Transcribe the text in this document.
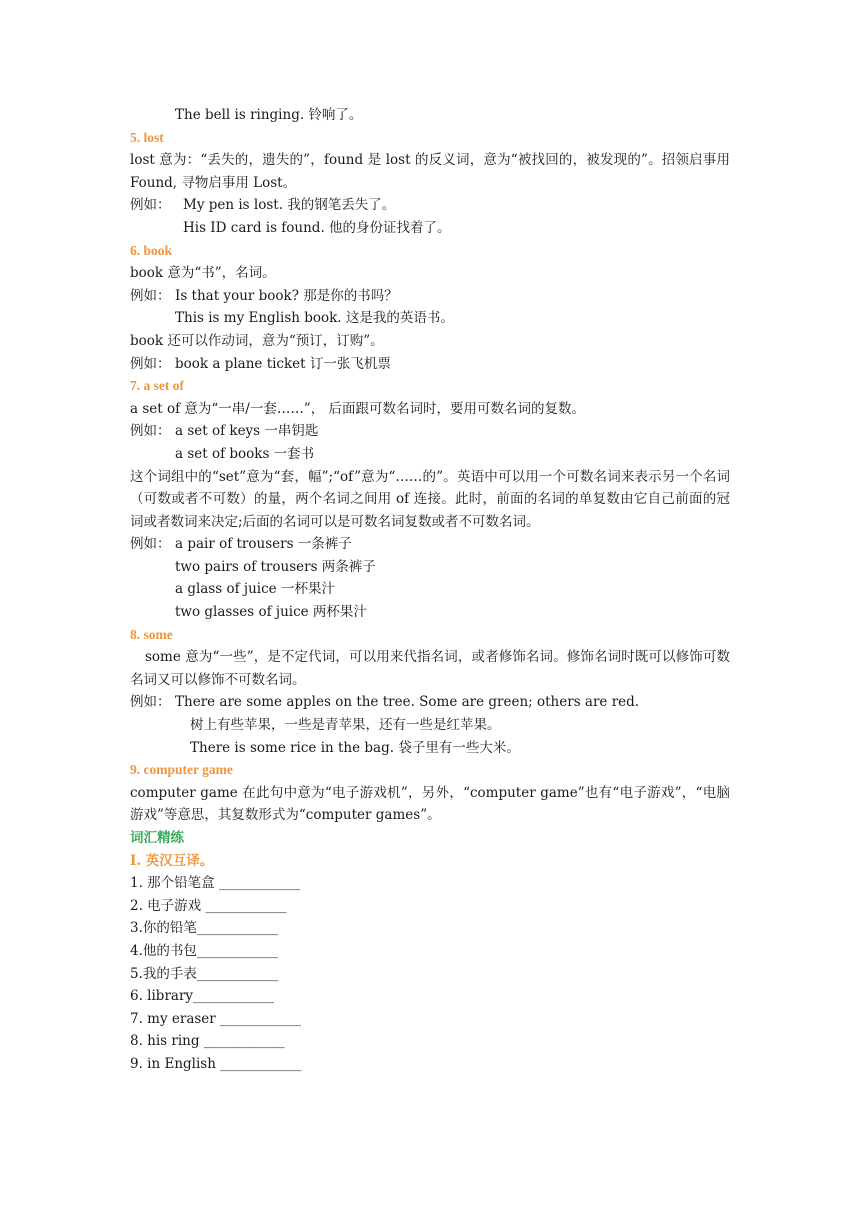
The bell is ringing. 铃响了。
5. lost
lost 意为：“丢失的，遗失的”，found 是 lost 的反义词，意为“被找回的，被发现的”。招领启事用 Found, 寻物启事用 Lost。
例如： My pen is lost. 我的钢笔丢失了。
His ID card is found. 他的身份证找着了。
6. book
book 意为“书”，名词。
例如： Is that your book? 那是你的书吗？
This is my English book. 这是我的英语书。
book 还可以作动词，意为“预订，订购”。
例如： book a plane ticket 订一张飞机票
7. a set of
a set of 意为“一串/一套……”， 后面跟可数名词时，要用可数名词的复数。
例如： a set of keys 一串钥匙
a set of books 一套书
这个词组中的“set”意为“套，幅”;“of”意为“……的”。英语中可以用一个可数名词来表示另一个名词（可数或者不可数）的量，两个名词之间用 of 连接。此时，前面的名词的单复数由它自己前面的冠词或者数词来决定;后面的名词可以是可数名词复数或者不可数名词。
例如： a pair of trousers 一条裤子
two pairs of trousers 两条裤子
a glass of juice 一杯果汁
two glasses of juice 两杯果汁
8. some
some 意为“一些”，是不定代词，可以用来代指名词，或者修饰名词。修饰名词时既可以修饰可数名词又可以修饰不可数名词。
例如： There are some apples on the tree. Some are green; others are red.
树上有些苹果，一些是青苹果，还有一些是红苹果。
There is some rice in the bag. 袋子里有一些大米。
9. computer game
computer game 在此句中意为“电子游戏机”，另外，“computer game”也有“电子游戏”，“电脑游戏”等意思，其复数形式为“computer games”。
词汇精练
Ⅰ. 英汉互译。
1. 那个铅笔盒 ____________
2. 电子游戏 ____________
3.你的铅笔____________
4.他的书包____________
5.我的手表____________
6. library____________
7. my eraser ____________
8. his ring ____________
9. in English ____________
